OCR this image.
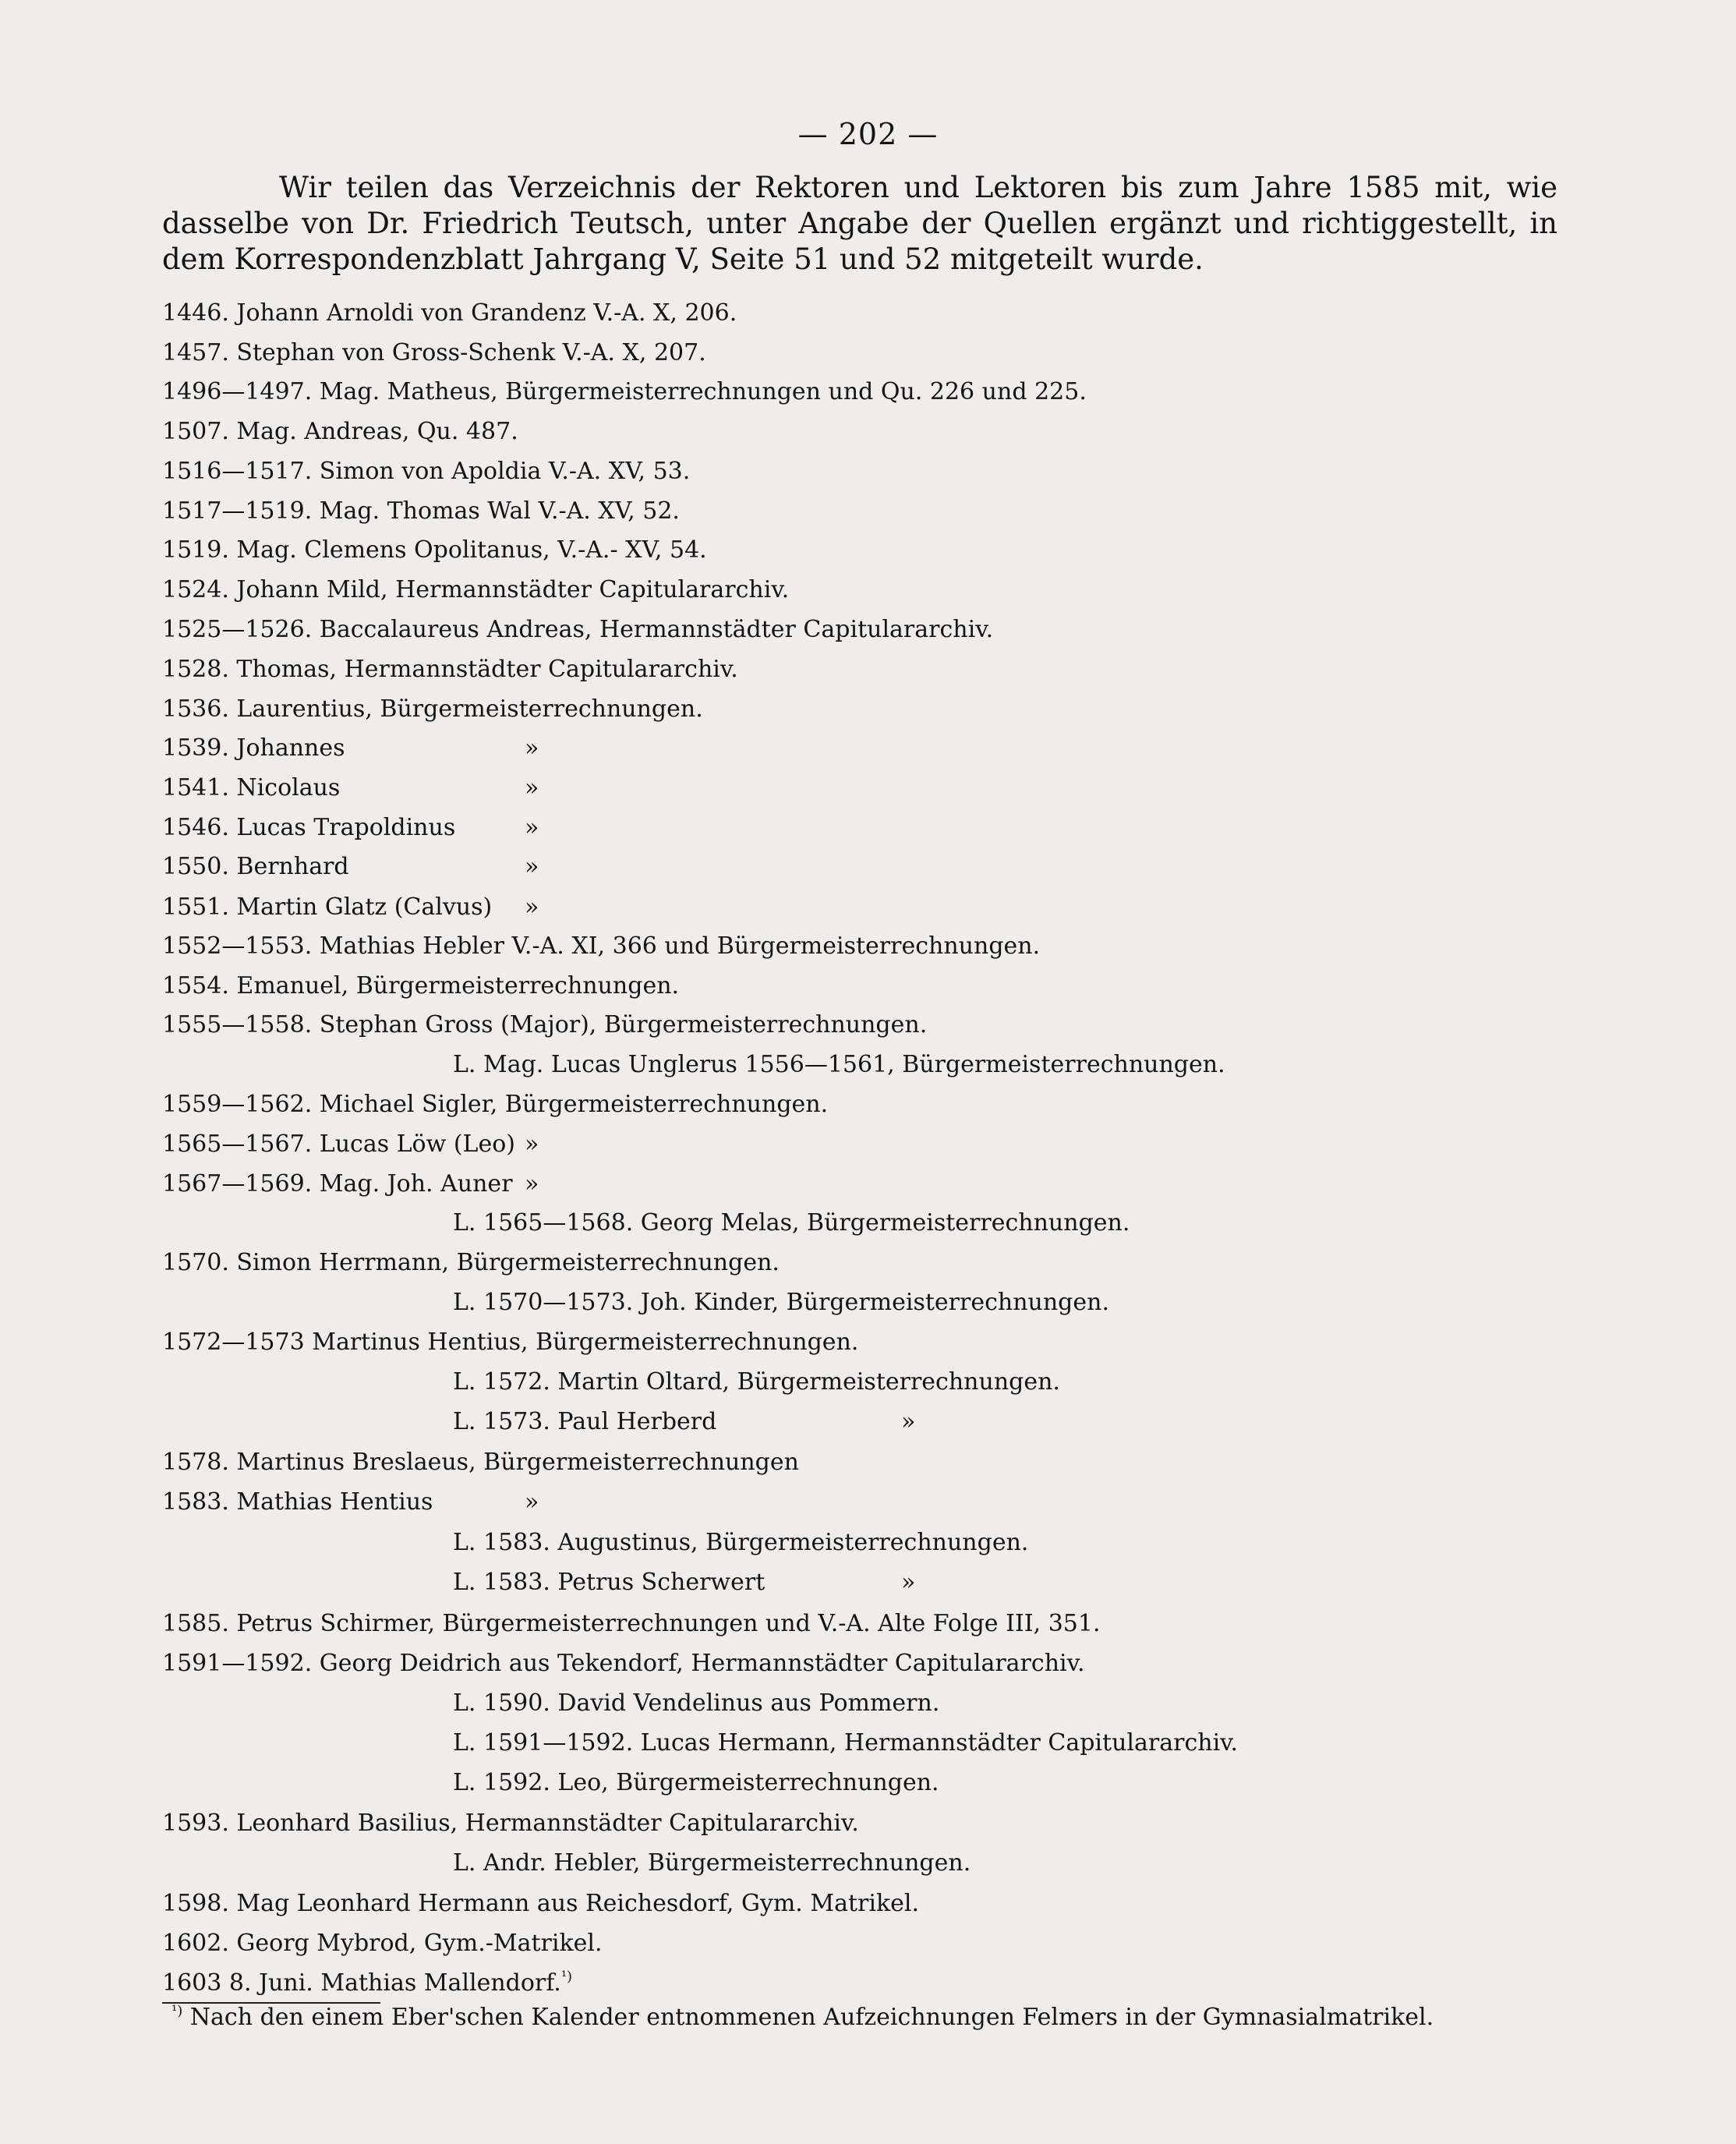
— 202 —
Wir teilen das Verzeichnis der Rektoren und Lektoren bis zum Jahre 1585 mit, wie dasselbe von Dr. Friedrich Teutsch, unter Angabe der Quellen ergänzt und richtiggestellt, in dem Korrespondenzblatt Jahrgang V, Seite 51 und 52 mitgeteilt wurde.
1446. Johann Arnoldi von Grandenz V.-A. X, 206.
1457. Stephan von Gross-Schenk V.-A. X, 207.
1496—1497. Mag. Matheus, Bürgermeisterrechnungen und Qu. 226 und 225.
1507. Mag. Andreas, Qu. 487.
1516—1517. Simon von Apoldia V.-A. XV, 53.
1517—1519. Mag. Thomas Wal V.-A. XV, 52.
1519. Mag. Clemens Opolitanus, V.-A.- XV, 54.
1524. Johann Mild, Hermannstädter Capitulararchiv.
1525—1526. Baccalaureus Andreas, Hermannstädter Capitulararchiv.
1528. Thomas, Hermannstädter Capitulararchiv.
1536. Laurentius, Bürgermeisterrechnungen.
1539. Johannes	»
1541. Nicolaus	»
1546. Lucas Trapoldinus	»
1550. Bernhard	»
1551. Martin Glatz (Calvus) »
1552—1553. Mathias Hebler V.-A. XI, 366 und Bürgermeisterrechnungen.
1554. Emanuel, Bürgermeisterrechnungen.
1555—1558. Stephan Gross (Major), Bürgermeisterrechnungen.
L. Mag. Lucas Unglerus 1556—1561, Bürgermeisterrechnungen.
1559—1562. Michael Sigler, Bürgermeisterrechnungen.
1565—1567. Lucas Löw (Leo) »
1567—1569. Mag. Joh. Auner »
L. 1565—1568. Georg Melas, Bürgermeisterrechnungen.
1570. Simon Herrmann, Bürgermeisterrechnungen.
L. 1570—1573. Joh. Kinder, Bürgermeisterrechnungen.
1572—1573 Martinus Hentius, Bürgermeisterrechnungen.
L. 1572. Martin Oltard, Bürgermeisterrechnungen.
L. 1573. Paul Herberd	»
1578. Martinus Breslaeus, Bürgermeisterrechnungen
1583. Mathias Hentius	»
L. 1583. Augustinus, Bürgermeisterrechnungen.
L. 1583. Petrus Scherwert	»
1585. Petrus Schirmer, Bürgermeisterrechnungen und V.-A. Alte Folge III, 351.
1591—1592. Georg Deidrich aus Tekendorf, Hermannstädter Capitulararchiv.
L. 1590. David Vendelinus aus Pommern.
L. 1591—1592. Lucas Hermann, Hermannstädter Capitulararchiv.
L. 1592. Leo, Bürgermeisterrechnungen.
1593. Leonhard Basilius, Hermannstädter Capitulararchiv.
L. Andr. Hebler, Bürgermeisterrechnungen.
1598. Mag Leonhard Hermann aus Reichesdorf, Gym. Matrikel.
1602. Georg Mybrod, Gym.-Matrikel.
1603 8. Juni. Mathias Mallendorf.$^{^1)}$
$^{^1)}$ Nach den einem Eber'schen Kalender entnommenen Aufzeichnungen Felmers in der Gymnasialmatrikel.
